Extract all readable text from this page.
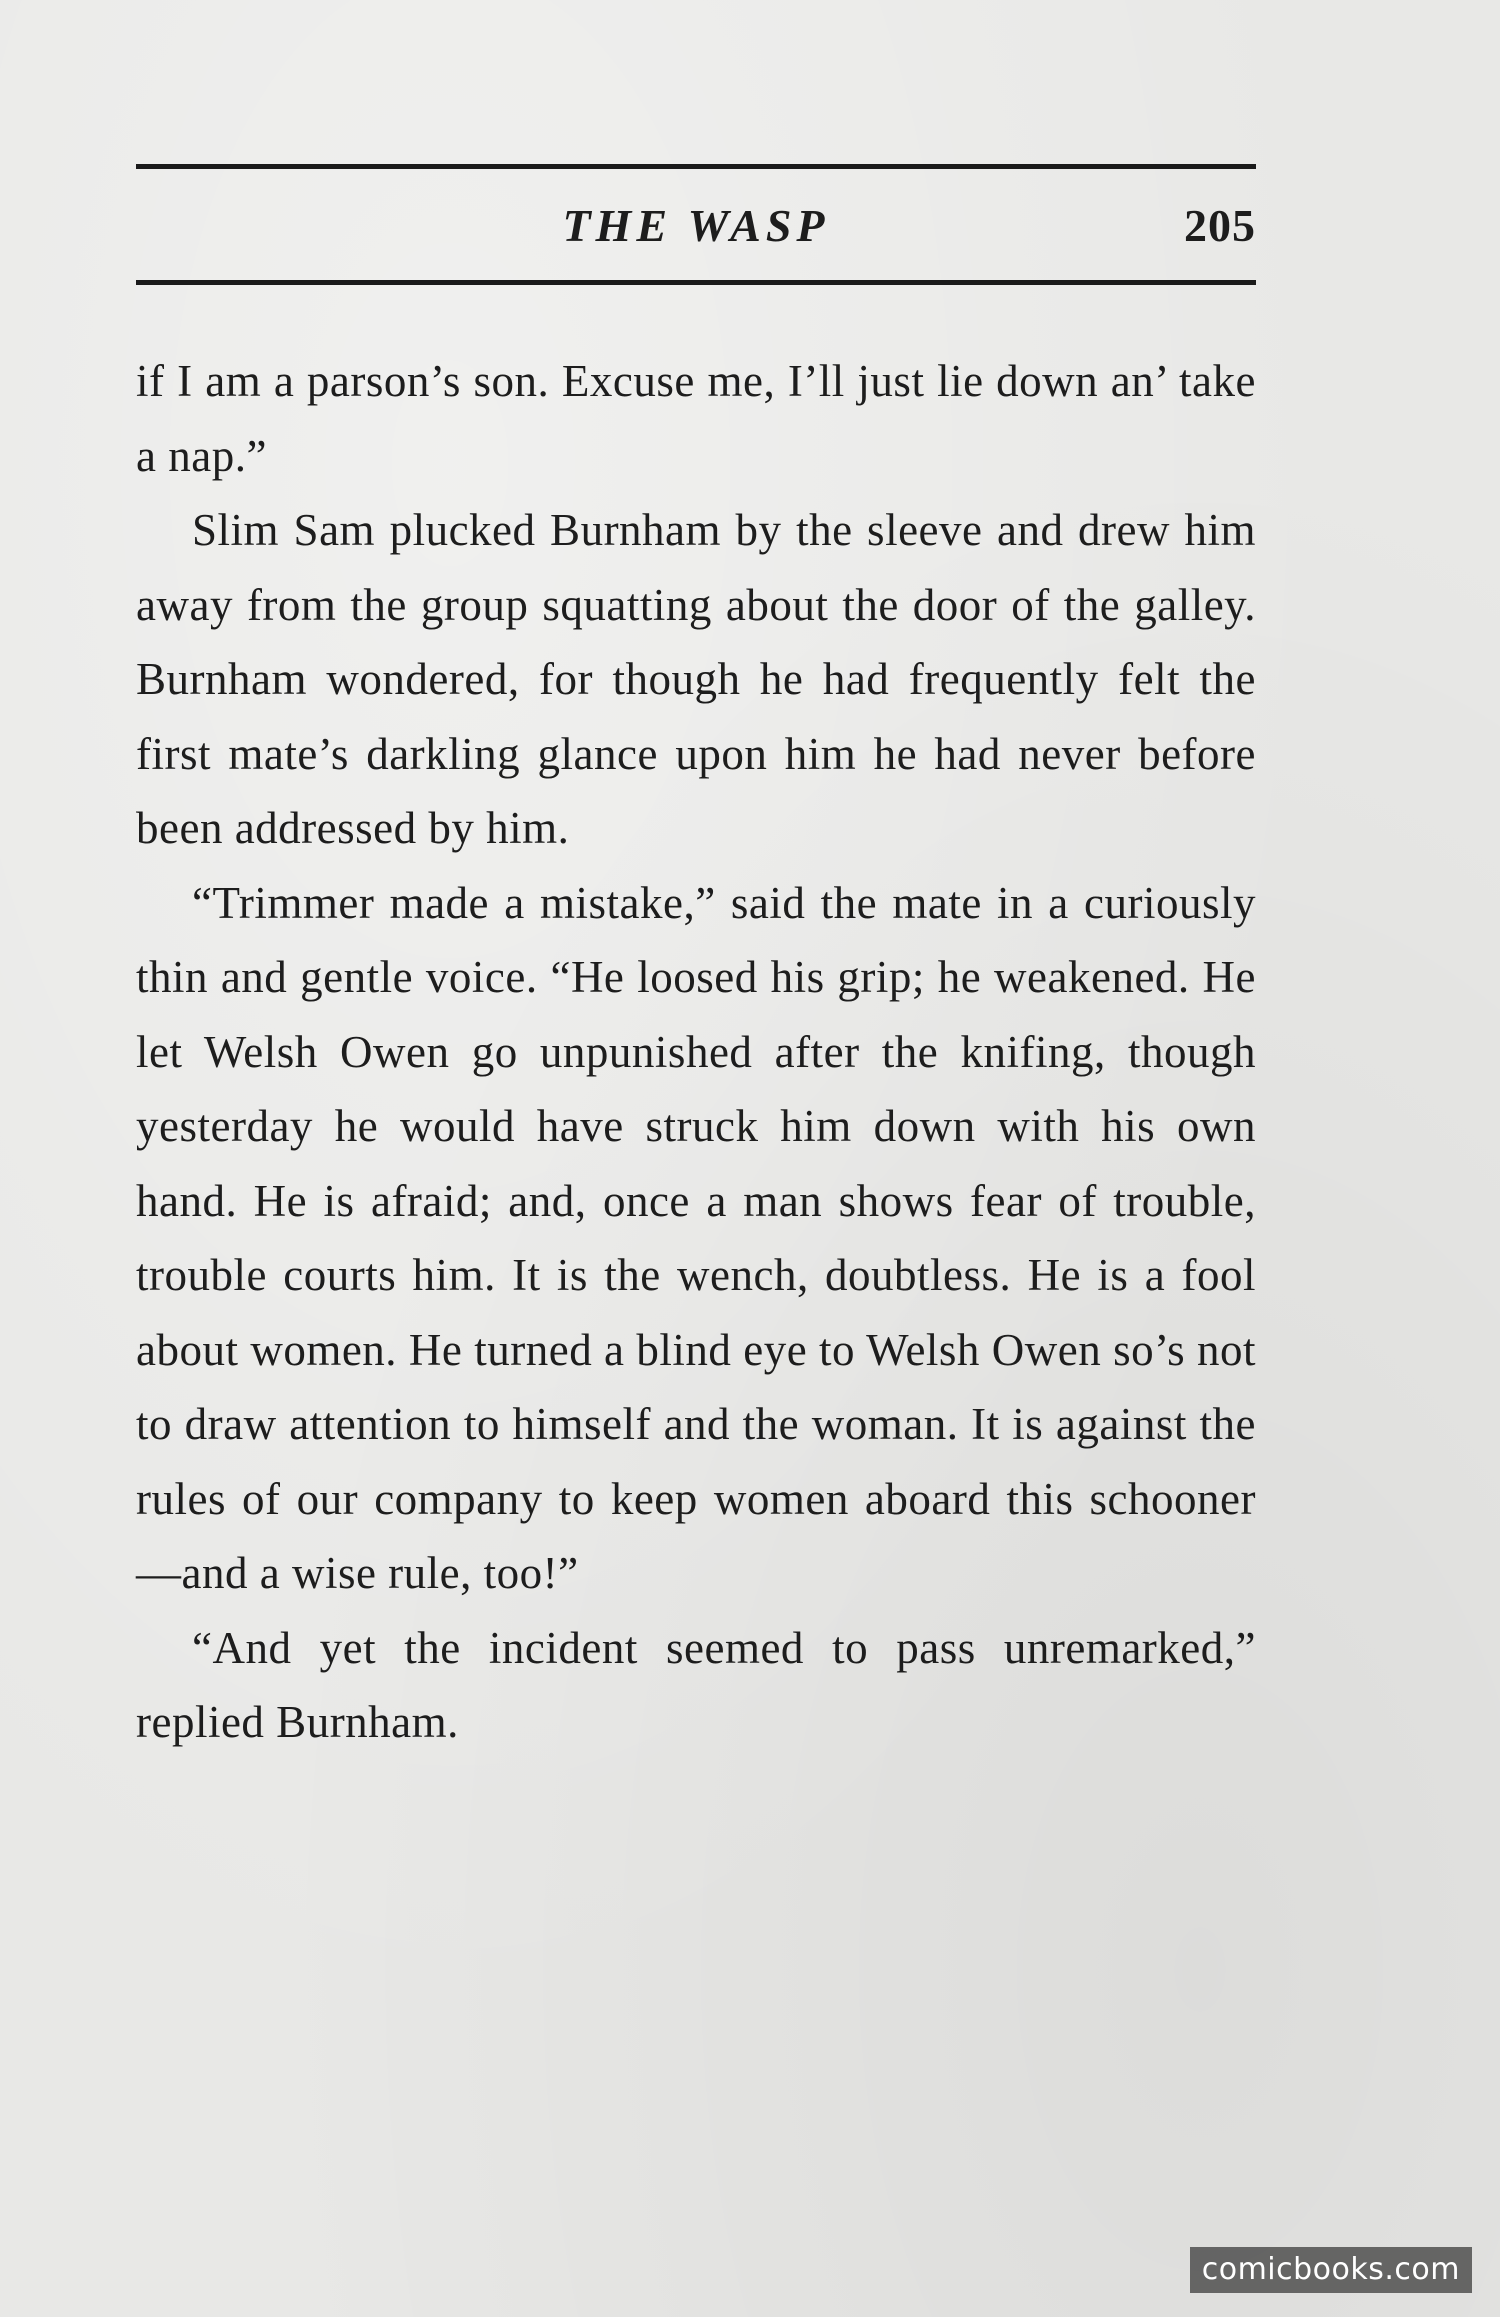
THE WASP	205

if I am a parson’s son. Excuse me, I’ll just lie down an’ take a nap.”

Slim Sam plucked Burnham by the sleeve and drew him away from the group squatting about the door of the galley. Burnham wondered, for though he had frequently felt the first mate’s darkling glance upon him he had never before been addressed by him.

“Trimmer made a mistake,” said the mate in a curiously thin and gentle voice. “He loosed his grip; he weakened. He let Welsh Owen go unpunished after the knifing, though yesterday he would have struck him down with his own hand. He is afraid; and, once a man shows fear of trouble, trouble courts him. It is the wench, doubtless. He is a fool about women. He turned a blind eye to Welsh Owen so’s not to draw attention to himself and the woman. It is against the rules of our company to keep women aboard this schooner—and a wise rule, too!”

“And yet the incident seemed to pass unremarked,” replied Burnham.

comicbooks.com
